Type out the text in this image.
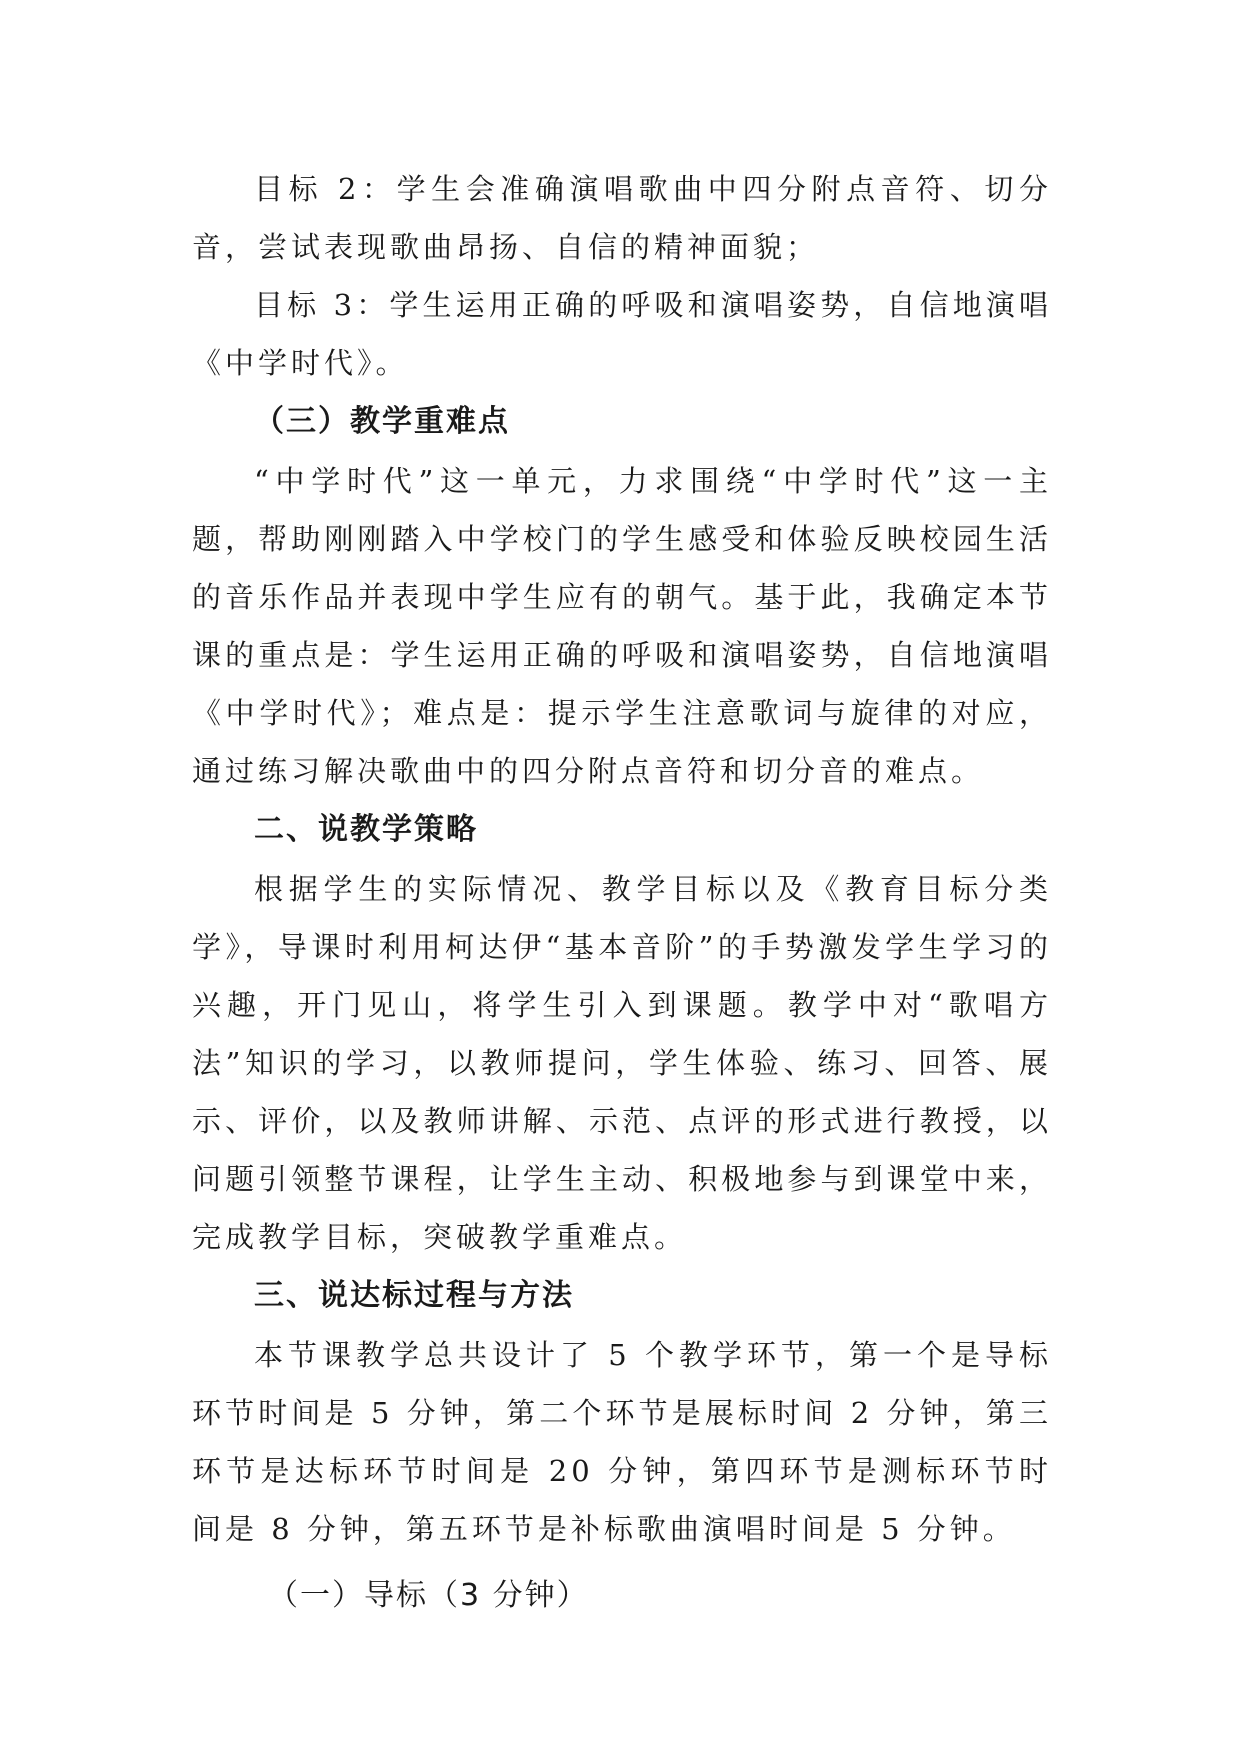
目标 2：学生会准确演唱歌曲中四分附点音符、切分音，尝试表现歌曲昂扬、自信的精神面貌；

目标 3：学生运用正确的呼吸和演唱姿势，自信地演唱《中学时代》。

（三）教学重难点

“中学时代”这一单元，力求围绕“中学时代”这一主题，帮助刚刚踏入中学校门的学生感受和体验反映校园生活的音乐作品并表现中学生应有的朝气。基于此，我确定本节课的重点是：学生运用正确的呼吸和演唱姿势，自信地演唱《中学时代》；难点是：提示学生注意歌词与旋律的对应，通过练习解决歌曲中的四分附点音符和切分音的难点。

二、说教学策略

根据学生的实际情况、教学目标以及《教育目标分类学》，导课时利用柯达伊“基本音阶”的手势激发学生学习的兴趣，开门见山，将学生引入到课题。教学中对“歌唱方法”知识的学习，以教师提问，学生体验、练习、回答、展示、评价，以及教师讲解、示范、点评的形式进行教授，以问题引领整节课程，让学生主动、积极地参与到课堂中来，完成教学目标，突破教学重难点。

三、说达标过程与方法

本节课教学总共设计了 5 个教学环节，第一个是导标环节时间是 5 分钟，第二个环节是展标时间 2 分钟，第三环节是达标环节时间是 20 分钟，第四环节是测标环节时间是 8 分钟，第五环节是补标歌曲演唱时间是 5 分钟。

（一）导标（3 分钟）
